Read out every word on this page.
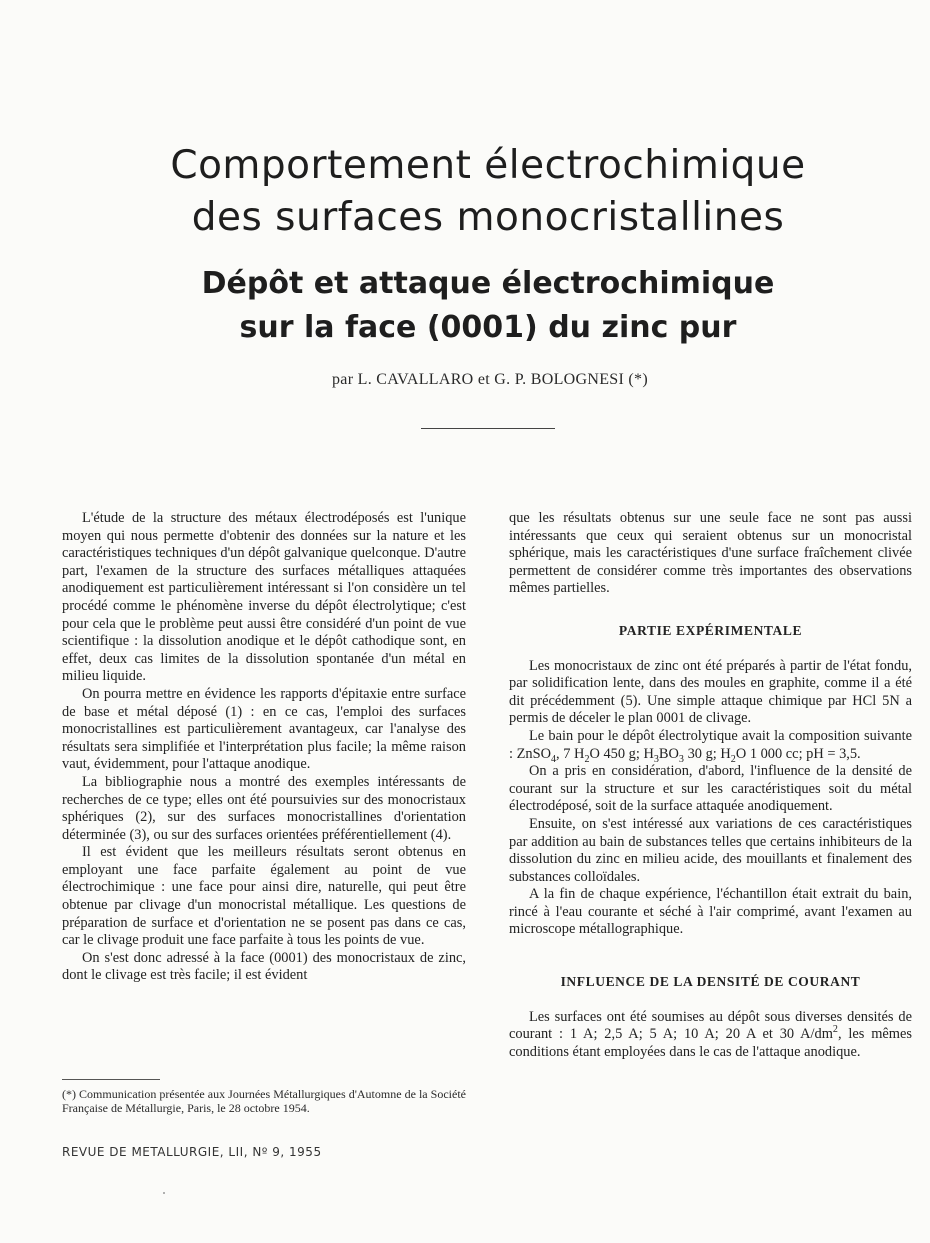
Comportement électrochimique
des surfaces monocristallines
Dépôt et attaque électrochimique
sur la face (0001) du zinc pur
par L. CAVALLARO et G. P. BOLOGNESI (*)

L'étude de la structure des métaux électrodéposés est l'unique moyen qui nous permette d'obtenir des données sur la nature et les caractéristiques techniques d'un dépôt galvanique quelconque. D'autre part, l'examen de la structure des surfaces métalliques attaquées anodiquement est particulièrement intéressant si l'on considère un tel procédé comme le phénomène inverse du dépôt électrolytique; c'est pour cela que le problème peut aussi être considéré d'un point de vue scientifique : la dissolution anodique et le dépôt cathodique sont, en effet, deux cas limites de la dissolution spontanée d'un métal en milieu liquide.

On pourra mettre en évidence les rapports d'épitaxie entre surface de base et métal déposé (1) : en ce cas, l'emploi des surfaces monocristallines est particulièrement avantageux, car l'analyse des résultats sera simplifiée et l'interprétation plus facile; la même raison vaut, évidemment, pour l'attaque anodique.

La bibliographie nous a montré des exemples intéressants de recherches de ce type; elles ont été poursuivies sur des monocristaux sphériques (2), sur des surfaces monocristallines d'orientation déterminée (3), ou sur des surfaces orientées préférentiellement (4).

Il est évident que les meilleurs résultats seront obtenus en employant une face parfaite également au point de vue électrochimique : une face pour ainsi dire, naturelle, qui peut être obtenue par clivage d'un monocristal métallique. Les questions de préparation de surface et d'orientation ne se posent pas dans ce cas, car le clivage produit une face parfaite à tous les points de vue.

On s'est donc adressé à la face (0001) des monocristaux de zinc, dont le clivage est très facile; il est évident

(*) Communication présentée aux Journées Métallurgiques d'Automne de la Société Française de Métallurgie, Paris, le 28 octobre 1954.
REVUE DE METALLURGIE, LII, Nº 9, 1955

que les résultats obtenus sur une seule face ne sont pas aussi intéressants que ceux qui seraient obtenus sur un monocristal sphérique, mais les caractéristiques d'une surface fraîchement clivée permettent de considérer comme très importantes des observations mêmes partielles.

PARTIE EXPÉRIMENTALE

Les monocristaux de zinc ont été préparés à partir de l'état fondu, par solidification lente, dans des moules en graphite, comme il a été dit précédemment (5). Une simple attaque chimique par HCl 5N a permis de déceler le plan 0001 de clivage.

Le bain pour le dépôt électrolytique avait la composition suivante : ZnSO$_4$, 7 $H_2O$ 450 g; $H_3BO_3$ 30 g; $H_2O$ 1 000 cc; pH = 3,5.

On a pris en considération, d'abord, l'influence de la densité de courant sur la structure et sur les caractéristiques soit du métal électrodéposé, soit de la surface attaquée anodiquement.

Ensuite, on s'est intéressé aux variations de ces caractéristiques par addition au bain de substances telles que certains inhibiteurs de la dissolution du zinc en milieu acide, des mouillants et finalement des substances colloïdales.

A la fin de chaque expérience, l'échantillon était extrait du bain, rincé à l'eau courante et séché à l'air comprimé, avant l'examen au microscope métallographique.

INFLUENCE DE LA DENSITÉ DE COURANT

Les surfaces ont été soumises au dépôt sous diverses densités de courant : 1 A; 2,5 A; 5 A; 10 A; 20 A et 30 $A/dm^2$, les mêmes conditions étant employées dans le cas de l'attaque anodique.
